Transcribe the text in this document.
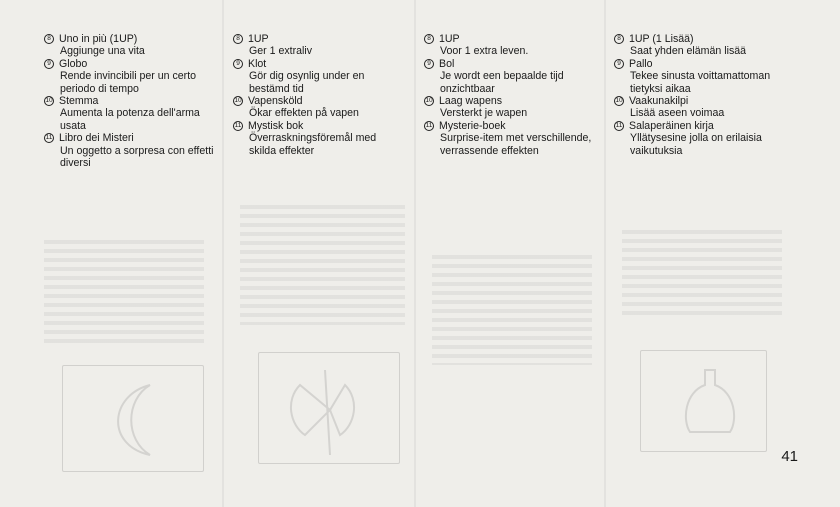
8 Uno in più (1UP)
Aggiunge una vita
9 Globo
Rende invincibili per un certo
periodo di tempo
10 Stemma
Aumenta la potenza dell'arma
usata
11 Libro dei Misteri
Un oggetto a sorpresa con effetti
diversi
8 1UP
Ger 1 extraliv
9 Klot
Gör dig osynlig under en
bestämd tid
10 Vapensköld
Ökar effekten på vapen
11 Mystisk bok
Överraskningsföremål med
skilda effekter
8 1UP
Voor 1 extra leven.
9 Bol
Je wordt een bepaalde tijd
onzichtbaar
10 Laag wapens
Versterkt je wapen
11 Mysterie-boek
Surprise-item met verschillende,
verrassende effekten
8 1UP (1 Lisää)
Saat yhden elämän lisää
9 Pallo
Tekee sinusta voittamattoman
tietyksi aikaa
10 Vaakunakilpi
Lisää aseen voimaa
11 Salaperäinen kirja
Yllätysesine jolla on erilaisia
vaikutuksia
41
